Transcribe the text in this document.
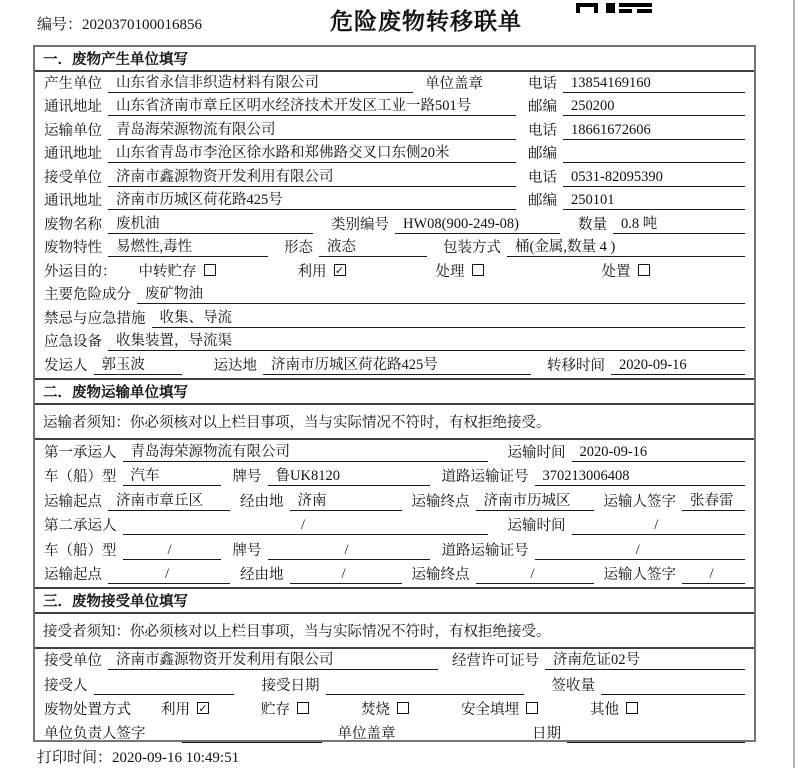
编号：2020370100016856	危险废物转移联单
一．废物产生单位填写
产生单位 山东省永信非织造材料有限公司	单位盖章	电话 13854169160
通讯地址 山东省济南市章丘区明水经济技术开发区工业一路501号	邮编 250200
运输单位 青岛海荣源物流有限公司	电话 18661672606
通讯地址 山东省青岛市李沧区徐水路和郑佛路交叉口东侧20米	邮编
接受单位 济南市鑫源物资开发利用有限公司	电话 0531-82095390
通讯地址 济南市历城区荷花路425号	邮编 250101
废物名称 废机油	类别编号 HW08(900-249-08)	数量 0.8 吨
废物特性 易燃性,毒性	形态 液态	包装方式 桶(金属,数量 4 )
外运目的：	中转贮存	利用 ✓	处理	处置
主要危险成分 废矿物油
禁忌与应急措施 收集、导流
应急设备 收集装置，导流渠
发运人 郭玉波	运达地 济南市历城区荷花路425号	转移时间 2020-09-16
二．废物运输单位填写
运输者须知：你必须核对以上栏目事项，当与实际情况不符时，有权拒绝接受。
第一承运人 青岛海荣源物流有限公司	运输时间 2020-09-16
车（船）型 汽车	牌号 鲁UK8120	道路运输证号 370213006408
运输起点 济南市章丘区	经由地 济南	运输终点 济南市历城区	运输人签字 张春雷
第二承运人	/	运输时间	/
车（船）型	/	牌号	/	道路运输证号	/
运输起点	/	经由地	/	运输终点	/	运输人签字	/
三．废物接受单位填写
接受者须知：你必须核对以上栏目事项，当与实际情况不符时，有权拒绝接受。
接受单位 济南市鑫源物资开发利用有限公司	经营许可证号 济南危证02号
接受人	接受日期	签收量
废物处置方式	利用 ✓	贮存	焚烧	安全填埋	其他
单位负责人签字	单位盖章	日期
打印时间：2020-09-16 10:49:51
